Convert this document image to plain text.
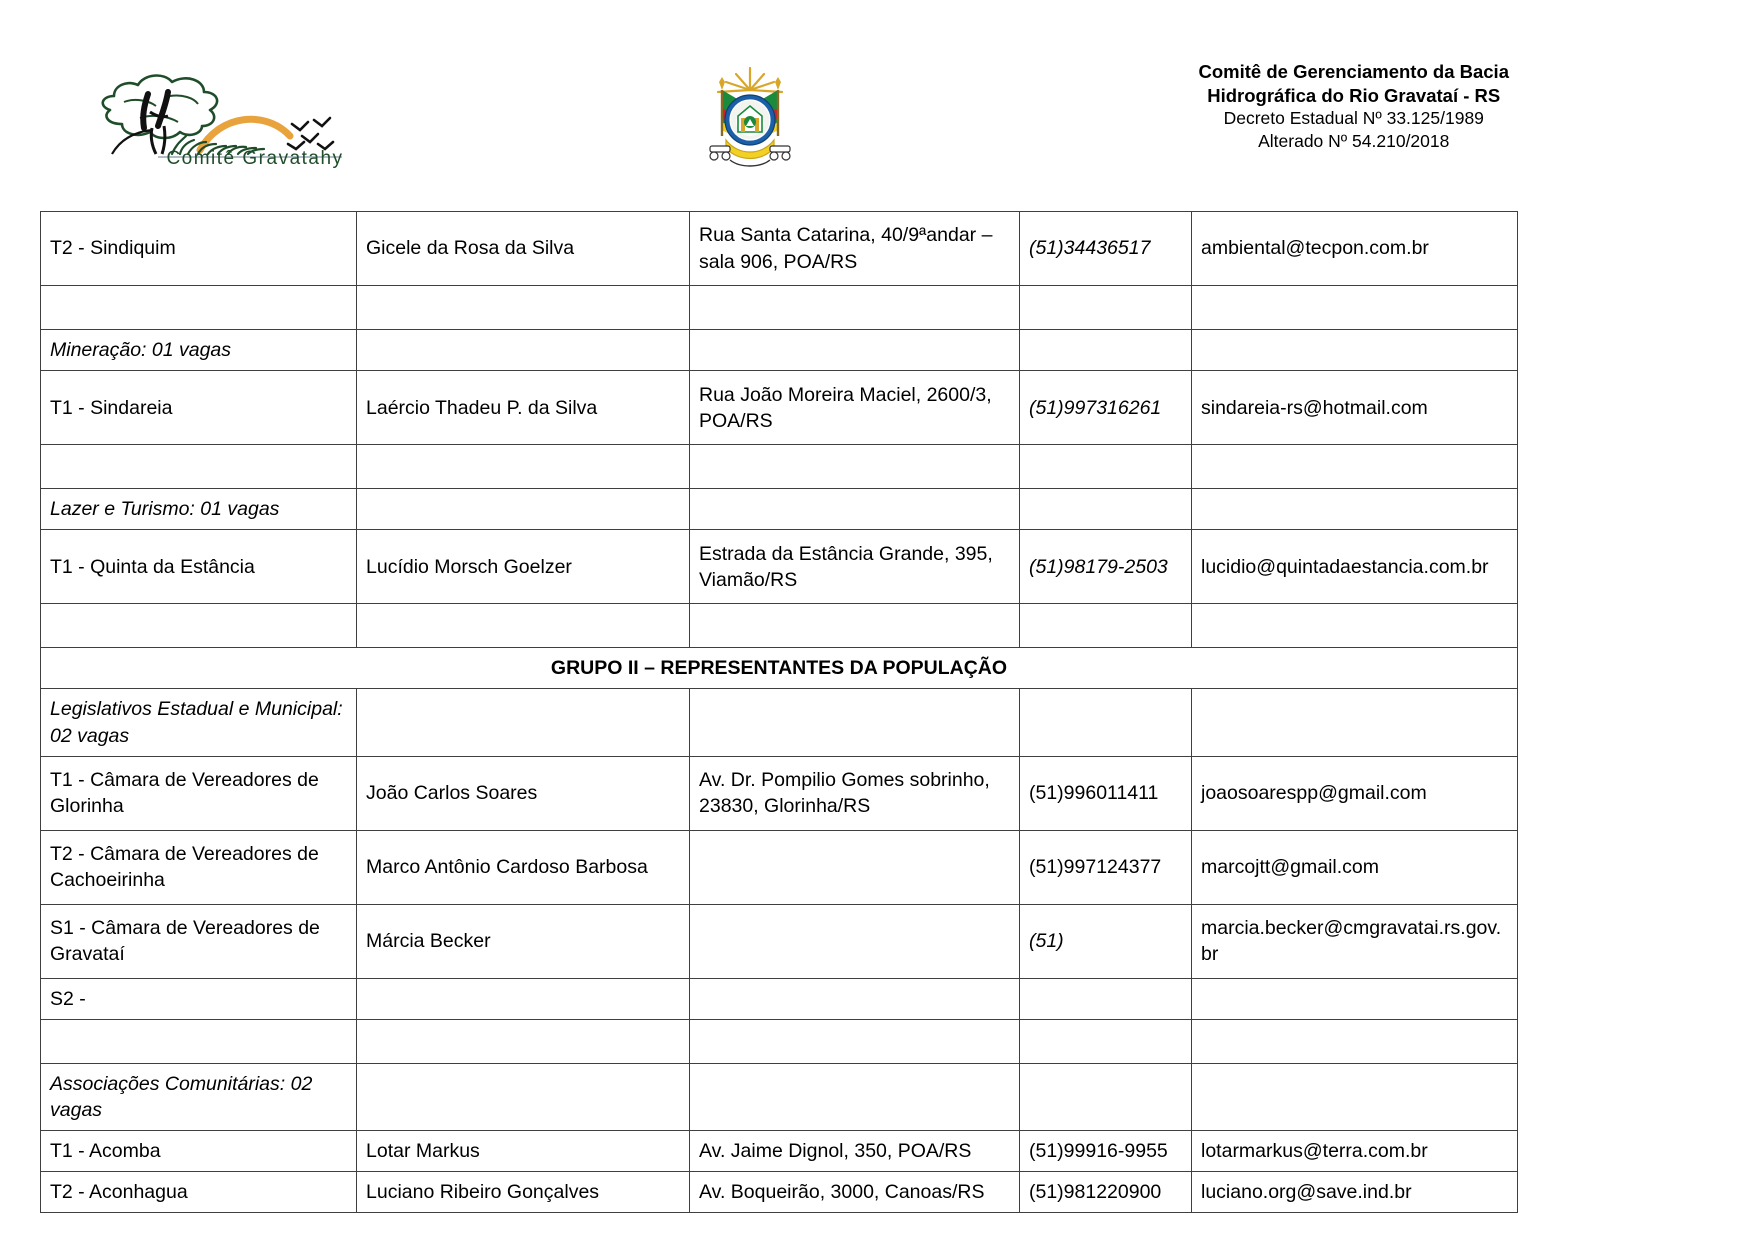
Comitê Gravatahy
Comitê de Gerenciamento da Bacia
Hidrográfica do Rio Gravataí - RS
Decreto Estadual Nº 33.125/1989
Alterado Nº 54.210/2018
T2 - Sindiquim	Gicele da Rosa da Silva	Rua Santa Catarina, 40/9ªandar – sala 906, POA/RS	(51)34436517	ambiental@tecpon.com.br

Mineração: 01 vagas				
T1 - Sindareia	Laércio Thadeu P. da Silva	Rua João Moreira Maciel, 2600/3, POA/RS	(51)997316261	sindareia-rs@hotmail.com

Lazer e Turismo: 01 vagas				
T1 - Quinta da Estância	Lucídio Morsch Goelzer	Estrada da Estância Grande, 395, Viamão/RS	(51)98179-2503	lucidio@quintadaestancia.com.br

GRUPO II – REPRESENTANTES DA POPULAÇÃO				
Legislativos Estadual e Municipal: 02 vagas				
T1 - Câmara de Vereadores de Glorinha	João Carlos Soares	Av. Dr. Pompilio Gomes sobrinho, 23830, Glorinha/RS	(51)996011411	joaosoarespp@gmail.com
T2 - Câmara de Vereadores de Cachoeirinha	Marco Antônio Cardoso Barbosa		(51)997124377	marcojtt@gmail.com
S1 - Câmara de Vereadores de Gravataí	Márcia Becker		(51)	marcia.becker@cmgravatai.rs.gov.br
S2 -				

Associações Comunitárias: 02 vagas				
T1 - Acomba	Lotar Markus	Av. Jaime Dignol, 350, POA/RS	(51)99916-9955	lotarmarkus@terra.com.br
T2 - Aconhagua	Luciano Ribeiro Gonçalves	Av. Boqueirão, 3000, Canoas/RS	(51)981220900	luciano.org@save.ind.br
